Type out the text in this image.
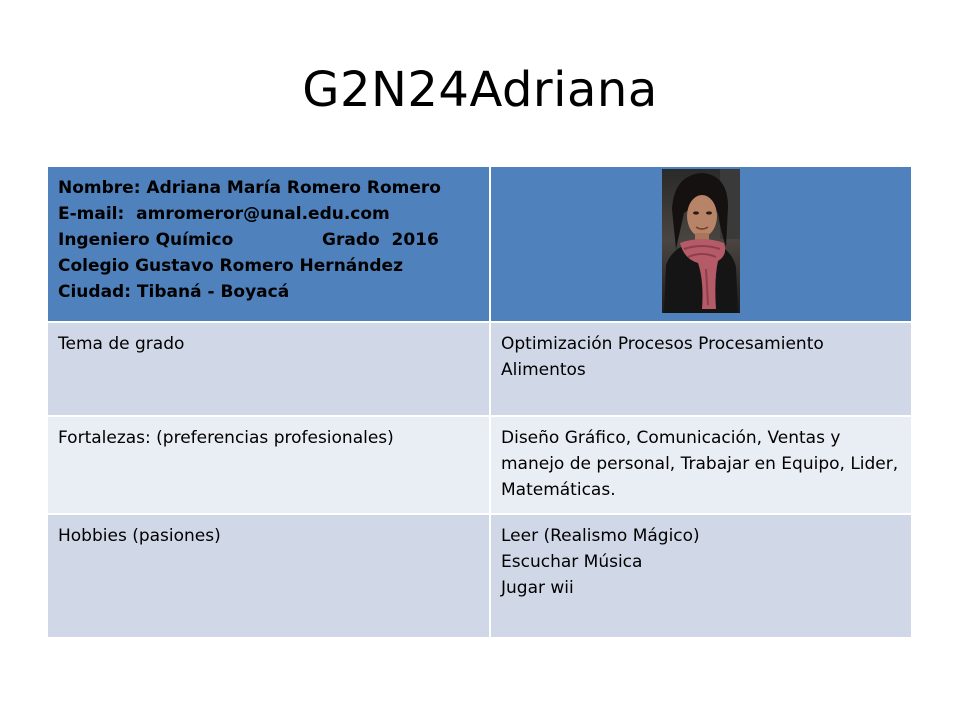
G2N24Adriana
Nombre: Adriana María Romero Romero
E-mail:  amromeror@unal.edu.com
Ingeniero Químico               Grado  2016
Colegio Gustavo Romero Hernández
Ciudad: Tibaná - Boyacá

Tema de grado	Optimización Procesos Procesamiento Alimentos
Fortalezas: (preferencias profesionales)	Diseño Gráfico, Comunicación, Ventas y manejo de personal, Trabajar en Equipo, Lider, Matemáticas.
Hobbies (pasiones)	Leer (Realismo Mágico)
Escuchar Música
Jugar wii
